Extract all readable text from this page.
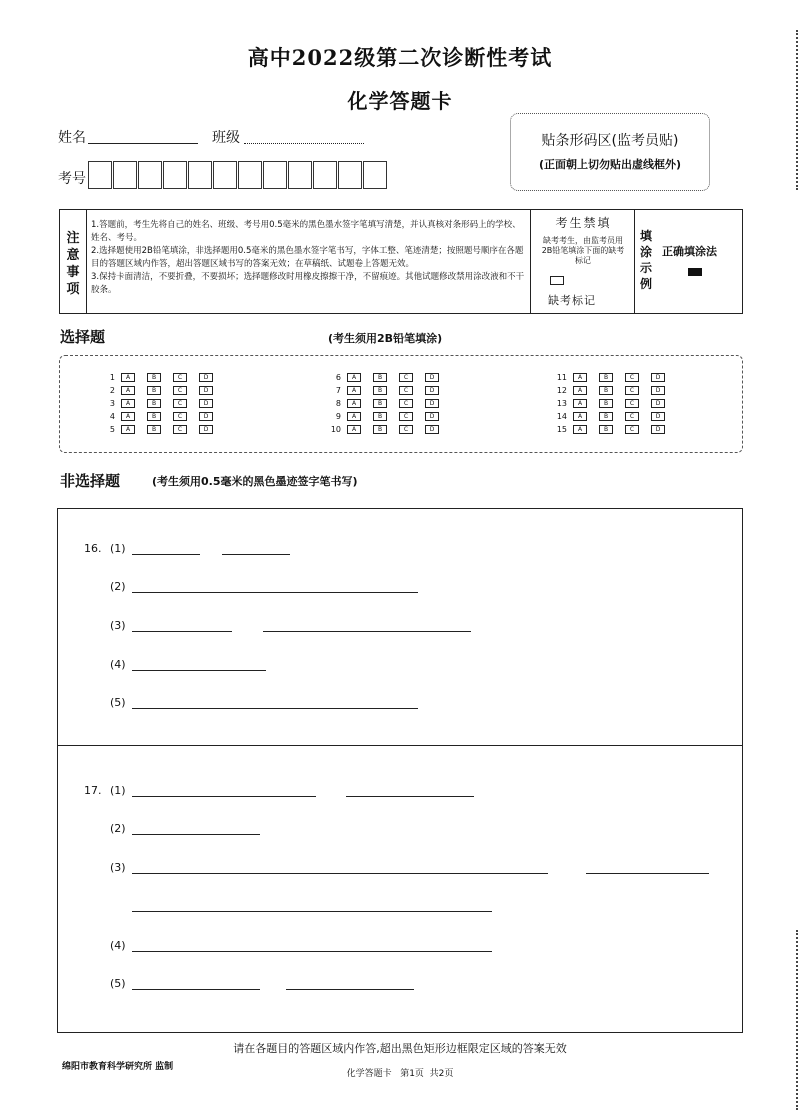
高中2022级第二次诊断性考试
化学答题卡
姓名	班级
考号
贴条形码区(监考员贴)
(正面朝上切勿贴出虚线框外)
注意事项
1.答题前，考生先将自己的姓名、班级、考号用0.5毫米的黑色墨水签字笔填写清楚，并认真核对条形码上的学校、姓名、考号。
2.选择题使用2B铅笔填涂，非选择题用0.5毫米的黑色墨水签字笔书写，字体工整、笔迹清楚；按照题号顺序在各题目的答题区域内作答，超出答题区域书写的答案无效；在草稿纸、试题卷上答题无效。
3.保持卡面清洁，不要折叠，不要损坏；选择题修改时用橡皮擦擦干净，不留痕迹。其他试题修改禁用涂改液和不干胶条。
考生禁填
缺考考生，由监考员用2B铅笔填涂下面的缺考标记
缺考标记
填涂示例
正确填涂法
选择题	(考生须用2B铅笔填涂)
1	A	B	C	D
2	A	B	C	D
3	A	B	C	D
4	A	B	C	D
5	A	B	C	D
6	A	B	C	D
7	A	B	C	D
8	A	B	C	D
9	A	B	C	D
10	A	B	C	D
11	A	B	C	D
12	A	B	C	D
13	A	B	C	D
14	A	B	C	D
15	A	B	C	D
非选择题	(考生须用0.5毫米的黑色墨迹签字笔书写)
16. (1)
(2)
(3)
(4)
(5)
17. (1)
(2)
(3)
(4)
(5)
请在各题目的答题区域内作答,超出黑色矩形边框限定区域的答案无效
绵阳市教育科学研究所 监制
化学答题卡   第1页  共2页
